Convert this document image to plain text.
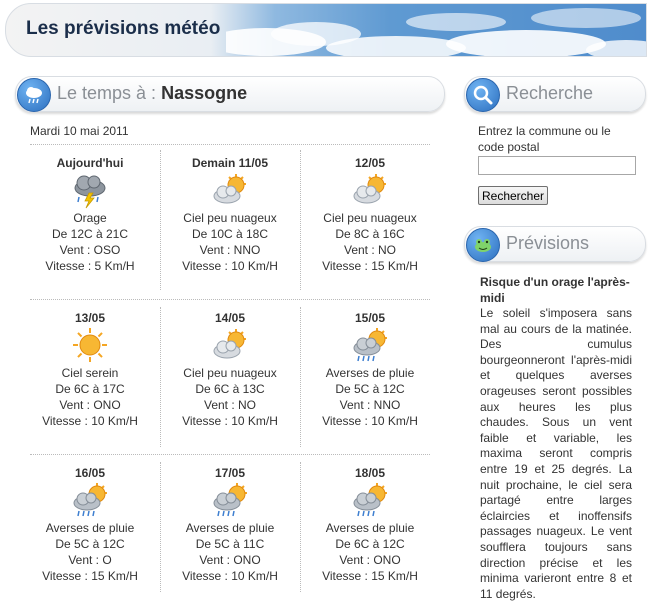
Les prévisions météo
Le temps à : Nassogne
Mardi 10 mai 2011
Aujourd'hui
Orage
De 12C à 21C
Vent : OSO
Vitesse : 5 Km/H
Demain 11/05
Ciel peu nuageux
De 10C à 18C
Vent : NNO
Vitesse : 10 Km/H
12/05
Ciel peu nuageux
De 8C à 16C
Vent : NO
Vitesse : 15 Km/H
13/05
Ciel serein
De 6C à 17C
Vent : ONO
Vitesse : 10 Km/H
14/05
Ciel peu nuageux
De 6C à 13C
Vent : NO
Vitesse : 10 Km/H
15/05
Averses de pluie
De 5C à 12C
Vent : NNO
Vitesse : 10 Km/H
16/05
Averses de pluie
De 5C à 12C
Vent : O
Vitesse : 15 Km/H
17/05
Averses de pluie
De 5C à 11C
Vent : ONO
Vitesse : 10 Km/H
18/05
Averses de pluie
De 6C à 12C
Vent : ONO
Vitesse : 15 Km/H
Recherche
Entrez la commune ou le code postal
Rechercher
Prévisions
Risque d'un orage l'après-midi
Le soleil s'imposera sans mal au cours de la matinée. Des cumulus bourgeonneront l'après-midi et quelques averses orageuses seront possibles aux heures les plus chaudes. Sous un vent faible et variable, les maxima seront compris entre 19 et 25 degrés. La nuit prochaine, le ciel sera partagé entre larges éclaircies et inoffensifs passages nuageux. Le vent soufflera toujours sans direction précise et les minima varieront entre 8 et 11 degrés.
